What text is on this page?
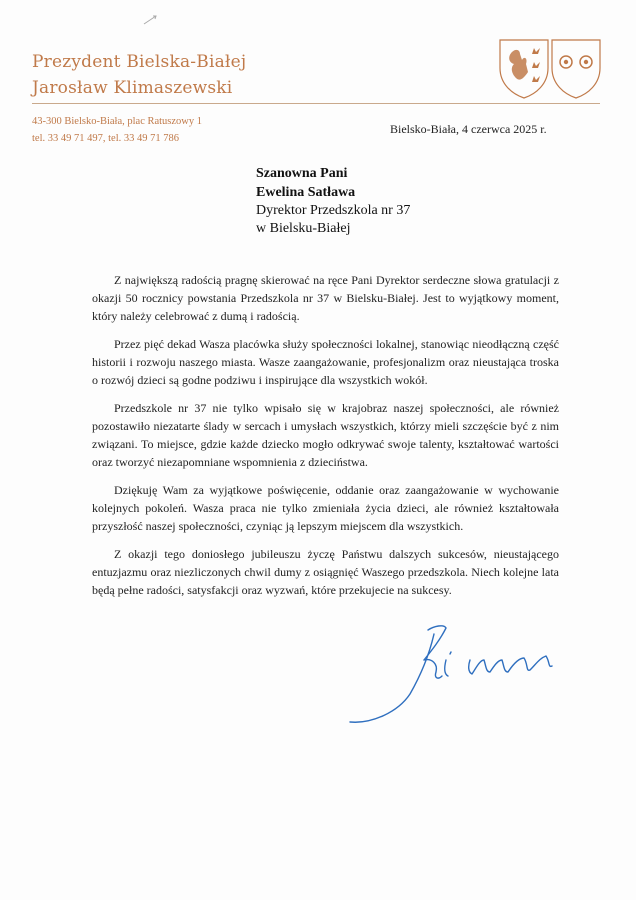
Prezydent Bielska-Białej
Jarosław Klimaszewski
43-300 Bielsko-Biała, plac Ratuszowy 1
tel. 33 49 71 497, tel. 33 49 71 786
Bielsko-Biała, 4 czerwca 2025 r.
Szanowna Pani
Ewelina Satława
Dyrektor Przedszkola nr 37
w Bielsku-Białej

Z największą radością pragnę skierować na ręce Pani Dyrektor serdeczne słowa gratulacji z okazji 50 rocznicy powstania Przedszkola nr 37 w Bielsku-Białej. Jest to wyjątkowy moment, który należy celebrować z dumą i radością.

Przez pięć dekad Wasza placówka służy społeczności lokalnej, stanowiąc nieodłączną część historii i rozwoju naszego miasta. Wasze zaangażowanie, profesjonalizm oraz nieustająca troska o rozwój dzieci są godne podziwu i inspirujące dla wszystkich wokół.

Przedszkole nr 37 nie tylko wpisało się w krajobraz naszej społeczności, ale również pozostawiło niezatarte ślady w sercach i umysłach wszystkich, którzy mieli szczęście być z nim związani. To miejsce, gdzie każde dziecko mogło odkrywać swoje talenty, kształtować wartości oraz tworzyć niezapomniane wspomnienia z dzieciństwa.

Dziękuję Wam za wyjątkowe poświęcenie, oddanie oraz zaangażowanie w wychowanie kolejnych pokoleń. Wasza praca nie tylko zmieniała życia dzieci, ale również kształtowała przyszłość naszej społeczności, czyniąc ją lepszym miejscem dla wszystkich.

Z okazji tego doniosłego jubileuszu życzę Państwu dalszych sukcesów, nieustającego entuzjazmu oraz niezliczonych chwil dumy z osiągnięć Waszego przedszkola. Niech kolejne lata będą pełne radości, satysfakcji oraz wyzwań, które przekujecie na sukcesy.
